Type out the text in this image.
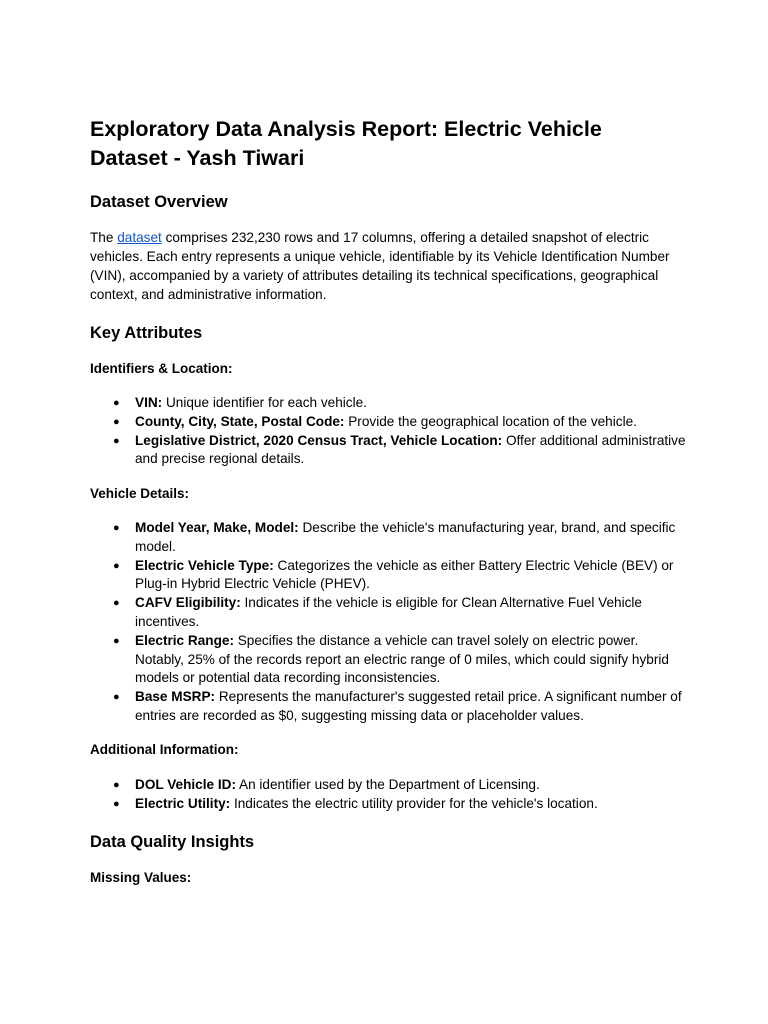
Exploratory Data Analysis Report: Electric Vehicle Dataset - Yash Tiwari
Dataset Overview

The dataset comprises 232,230 rows and 17 columns, offering a detailed snapshot of electric vehicles. Each entry represents a unique vehicle, identifiable by its Vehicle Identification Number (VIN), accompanied by a variety of attributes detailing its technical specifications, geographical context, and administrative information.

Key Attributes
Identifiers & Location:
● VIN: Unique identifier for each vehicle.
● County, City, State, Postal Code: Provide the geographical location of the vehicle.
● Legislative District, 2020 Census Tract, Vehicle Location: Offer additional administrative and precise regional details.
Vehicle Details:
● Model Year, Make, Model: Describe the vehicle's manufacturing year, brand, and specific model.
● Electric Vehicle Type: Categorizes the vehicle as either Battery Electric Vehicle (BEV) or Plug-in Hybrid Electric Vehicle (PHEV).
● CAFV Eligibility: Indicates if the vehicle is eligible for Clean Alternative Fuel Vehicle incentives.
● Electric Range: Specifies the distance a vehicle can travel solely on electric power. Notably, 25% of the records report an electric range of 0 miles, which could signify hybrid models or potential data recording inconsistencies.
● Base MSRP: Represents the manufacturer's suggested retail price. A significant number of entries are recorded as $0, suggesting missing data or placeholder values.
Additional Information:
● DOL Vehicle ID: An identifier used by the Department of Licensing.
● Electric Utility: Indicates the electric utility provider for the vehicle's location.
Data Quality Insights
Missing Values:
